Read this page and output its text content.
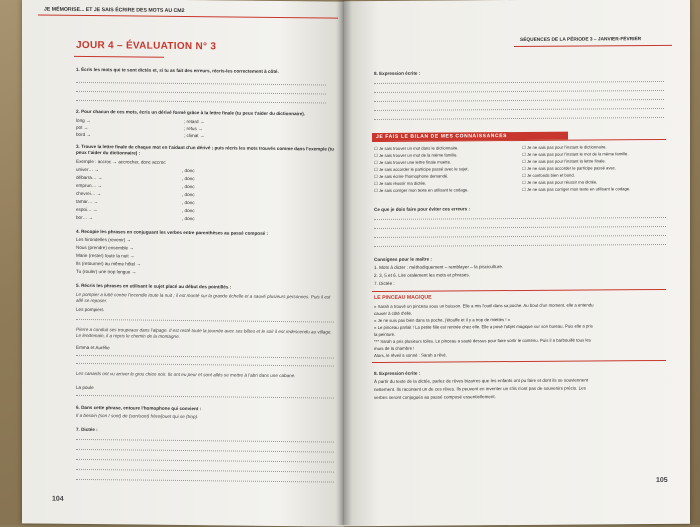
JE MÉMORISE... ET JE SAIS ÉCRIRE DES MOTS AU CM2
JOUR 4 – ÉVALUATION N° 3
1. Écris les mots qui te sont dictés et, si tu as fait des erreurs, récris-les correctement à côté.
2. Pour chacun de ces mots, écris un dérivé formé grâce à la lettre finale (tu peux t'aider du dictionnaire).
long →
pot →
bord →
; retard →
; refus →
; climat →
3. Trouve la lettre finale de chaque mot en t'aidant d'un dérivé ; puis récris les mots trouvés comme dans l'exemple (tu peux t'aider du dictionnaire) :
Exemple : accroc → accrocher, donc accroc
univer… →
débarra… →
emprun… →
chevrei… →
tamar… →
espoi… →
bor… →
, donc
, donc
, donc
, donc
, donc
, donc
, donc
4. Recopie les phrases en conjuguant les verbes entre parenthèses au passé composé :
Les hirondelles (revenir) →
Nous (prendre) ensemble →
Marie (rester) toute la nuit →
Ils (retourner) au même hôtel →
Tu (rouler) une trop longue →
5. Récris les phrases en utilisant le sujet placé au début des pointillés :
Le pompier a lutté contre l'incendie toute la nuit ; il est monté sur la grande échelle et a sauvé plusieurs personnes. Puis il est allé se reposer.
Les pompiers
Pierre a conduit ses troupeaux dans l'alpage. Il est resté toute la journée avec ses bêtes et le soir il est redescendu au village. Le lendemain, il a repris le chemin de la montagne.
Emma et Aurélie
Les canards ont vu arriver le gros chien noir. Ils ont eu peur et sont allés se mettre à l'abri dans une cabane.
La poule
6. Dans cette phrase, entoure l'homophone qui convient :
Il a besoin (son / sont) de (son/sont) frère/jouet qui se (trop).
7. Dictée :
104
SÉQUENCES DE LA PÉRIODE 3 – JANVIER-FÉVRIER
8. Expression écrite :
JE FAIS LE BILAN DE MES CONNAISSANCES
☐ Je sais trouver un mot dans le dictionnaire.
☐ Je sais trouver un mot de la même famille.
☐ Je sais trouver une lettre finale muette.
☐ Je sais accorder le participe passé avec le sujet.
☐ Je sais écrire l'homophone demandé.
☐ Je sais réussir ma dictée.
☐ Je sais corriger mon texte en utilisant le codage.
☐ Je ne sais pas pour l'instant le dictionnaire.
☐ Je ne sais pas pour l'instant le mot de la même famille.
☐ Je ne sais pas pour l'instant la lettre finale.
☐ Je ne sais pas accorder le participe passé avec.
☐ Je confonds bien et bond.
☐ Je ne sais pas pour réussir ma dictée.
☐ Je ne sais pas corriger mon texte en utilisant le codage.
Ce que je dois faire pour éviter ces erreurs :
Consignes pour le maître :
1. Mots à dicter : méthodiquement – remblayer – la pisciculture.
2. 3, 5 et 6. Lire oralement les mots et phrases.
7. Dictée :
LE PINCEAU MAGIQUE
« Sarah a trouvé un pinceau sous un buisson. Elle a mis l'outil dans sa poche. Au bout d'un moment, elle a entendu
causer à côté d'elle.
« Je ne suis pas bien dans ta poche, j'étouffe et il y a trop de miettes ! »
« Le pinceau parlait ! La petite fille est rentrée chez elle. Elle a posé l'objet magique sur son bureau. Puis elle a pris
la peinture.
*** Sarah a pris plusieurs toiles. Le pinceau a sauté dessus pour faire sortir le contenu. Puis il a barbouillé tous les
murs de la chambre !
Alors, le rêveil a sonné : Sarah a rêvé.
8. Expression écrite :
À partir du texte de la dictée, parlez de rêves bizarres que les enfants ont pu faire et dont ils se souviennent
nettement. Ils racontent un de ces rêves. Ils peuvent en inventer un s'ils n'ont pas de souvenirs précis. Les
verbes seront conjugués au passé composé essentiellement.
105
